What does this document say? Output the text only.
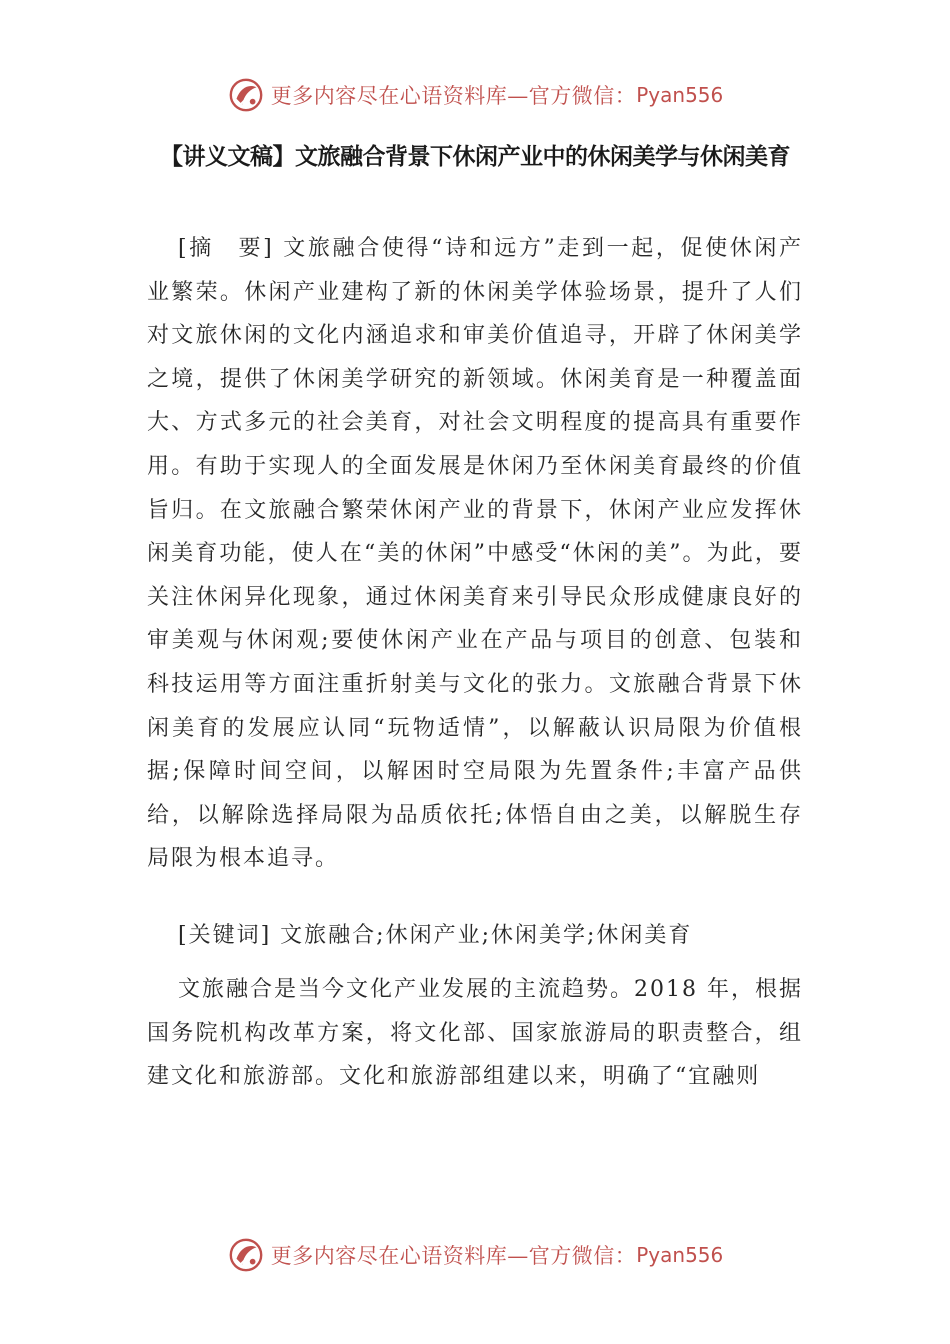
更多内容尽在心语资料库—官方微信： Pyan556
【讲义文稿】文旅融合背景下休闲产业中的休闲美学与休闲美育

[摘　要] 文旅融合使得“诗和远方”走到一起，促使休闲产业繁荣。休闲产业建构了新的休闲美学体验场景，提升了人们对文旅休闲的文化内涵追求和审美价值追寻，开辟了休闲美学之境，提供了休闲美学研究的新领域。休闲美育是一种覆盖面大、方式多元的社会美育，对社会文明程度的提高具有重要作用。有助于实现人的全面发展是休闲乃至休闲美育最终的价值旨归。在文旅融合繁荣休闲产业的背景下，休闲产业应发挥休闲美育功能，使人在“美的休闲”中感受“休闲的美”。为此，要关注休闲异化现象，通过休闲美育来引导民众形成健康良好的审美观与休闲观;要使休闲产业在产品与项目的创意、包装和科技运用等方面注重折射美与文化的张力。文旅融合背景下休闲美育的发展应认同“玩物适情”，以解蔽认识局限为价值根据;保障时间空间，以解困时空局限为先置条件;丰富产品供给，以解除选择局限为品质依托;体悟自由之美，以解脱生存局限为根本追寻。

[关键词] 文旅融合;休闲产业;休闲美学;休闲美育

文旅融合是当今文化产业发展的主流趋势。2018 年，根据国务院机构改革方案，将文化部、国家旅游局的职责整合，组建文化和旅游部。文化和旅游部组建以来，明确了“宜融则

更多内容尽在心语资料库—官方微信： Pyan556
